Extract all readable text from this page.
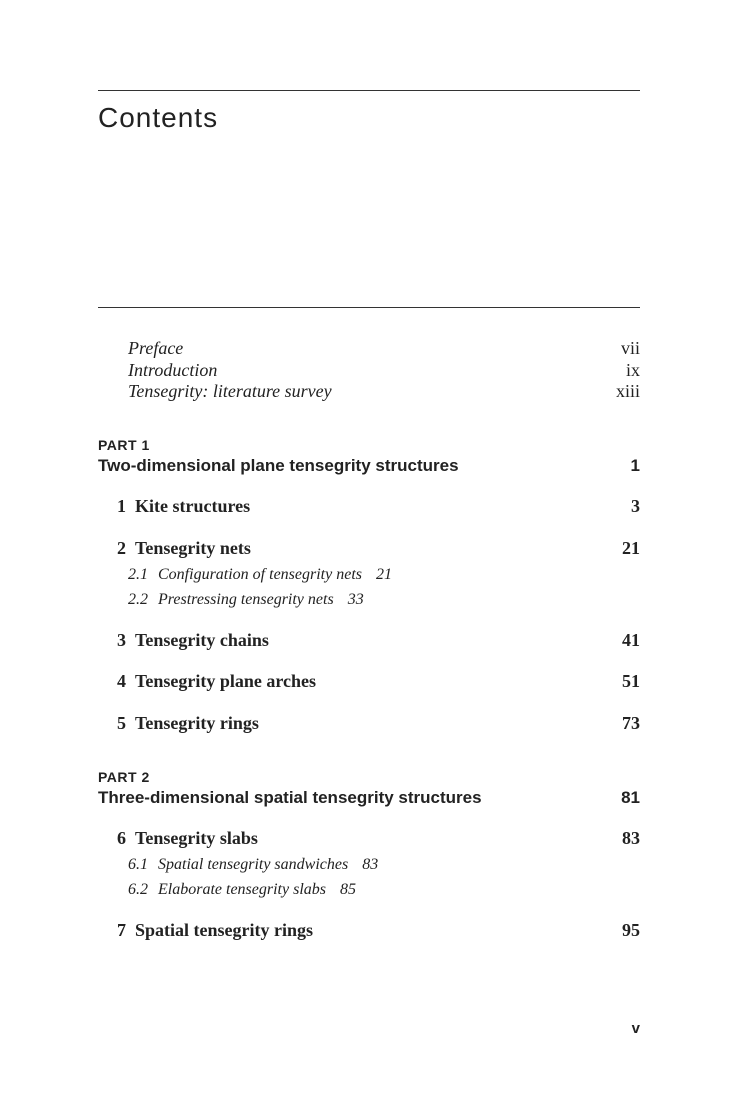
Contents
Preface	vii
Introduction	ix
Tensegrity: literature survey	xiii
PART 1
Two-dimensional plane tensegrity structures	1
1 Kite structures	3
2 Tensegrity nets	21
2.1 Configuration of tensegrity nets 21
2.2 Prestressing tensegrity nets 33
3 Tensegrity chains	41
4 Tensegrity plane arches	51
5 Tensegrity rings	73
PART 2
Three-dimensional spatial tensegrity structures	81
6 Tensegrity slabs	83
6.1 Spatial tensegrity sandwiches 83
6.2 Elaborate tensegrity slabs 85
7 Spatial tensegrity rings	95
v
